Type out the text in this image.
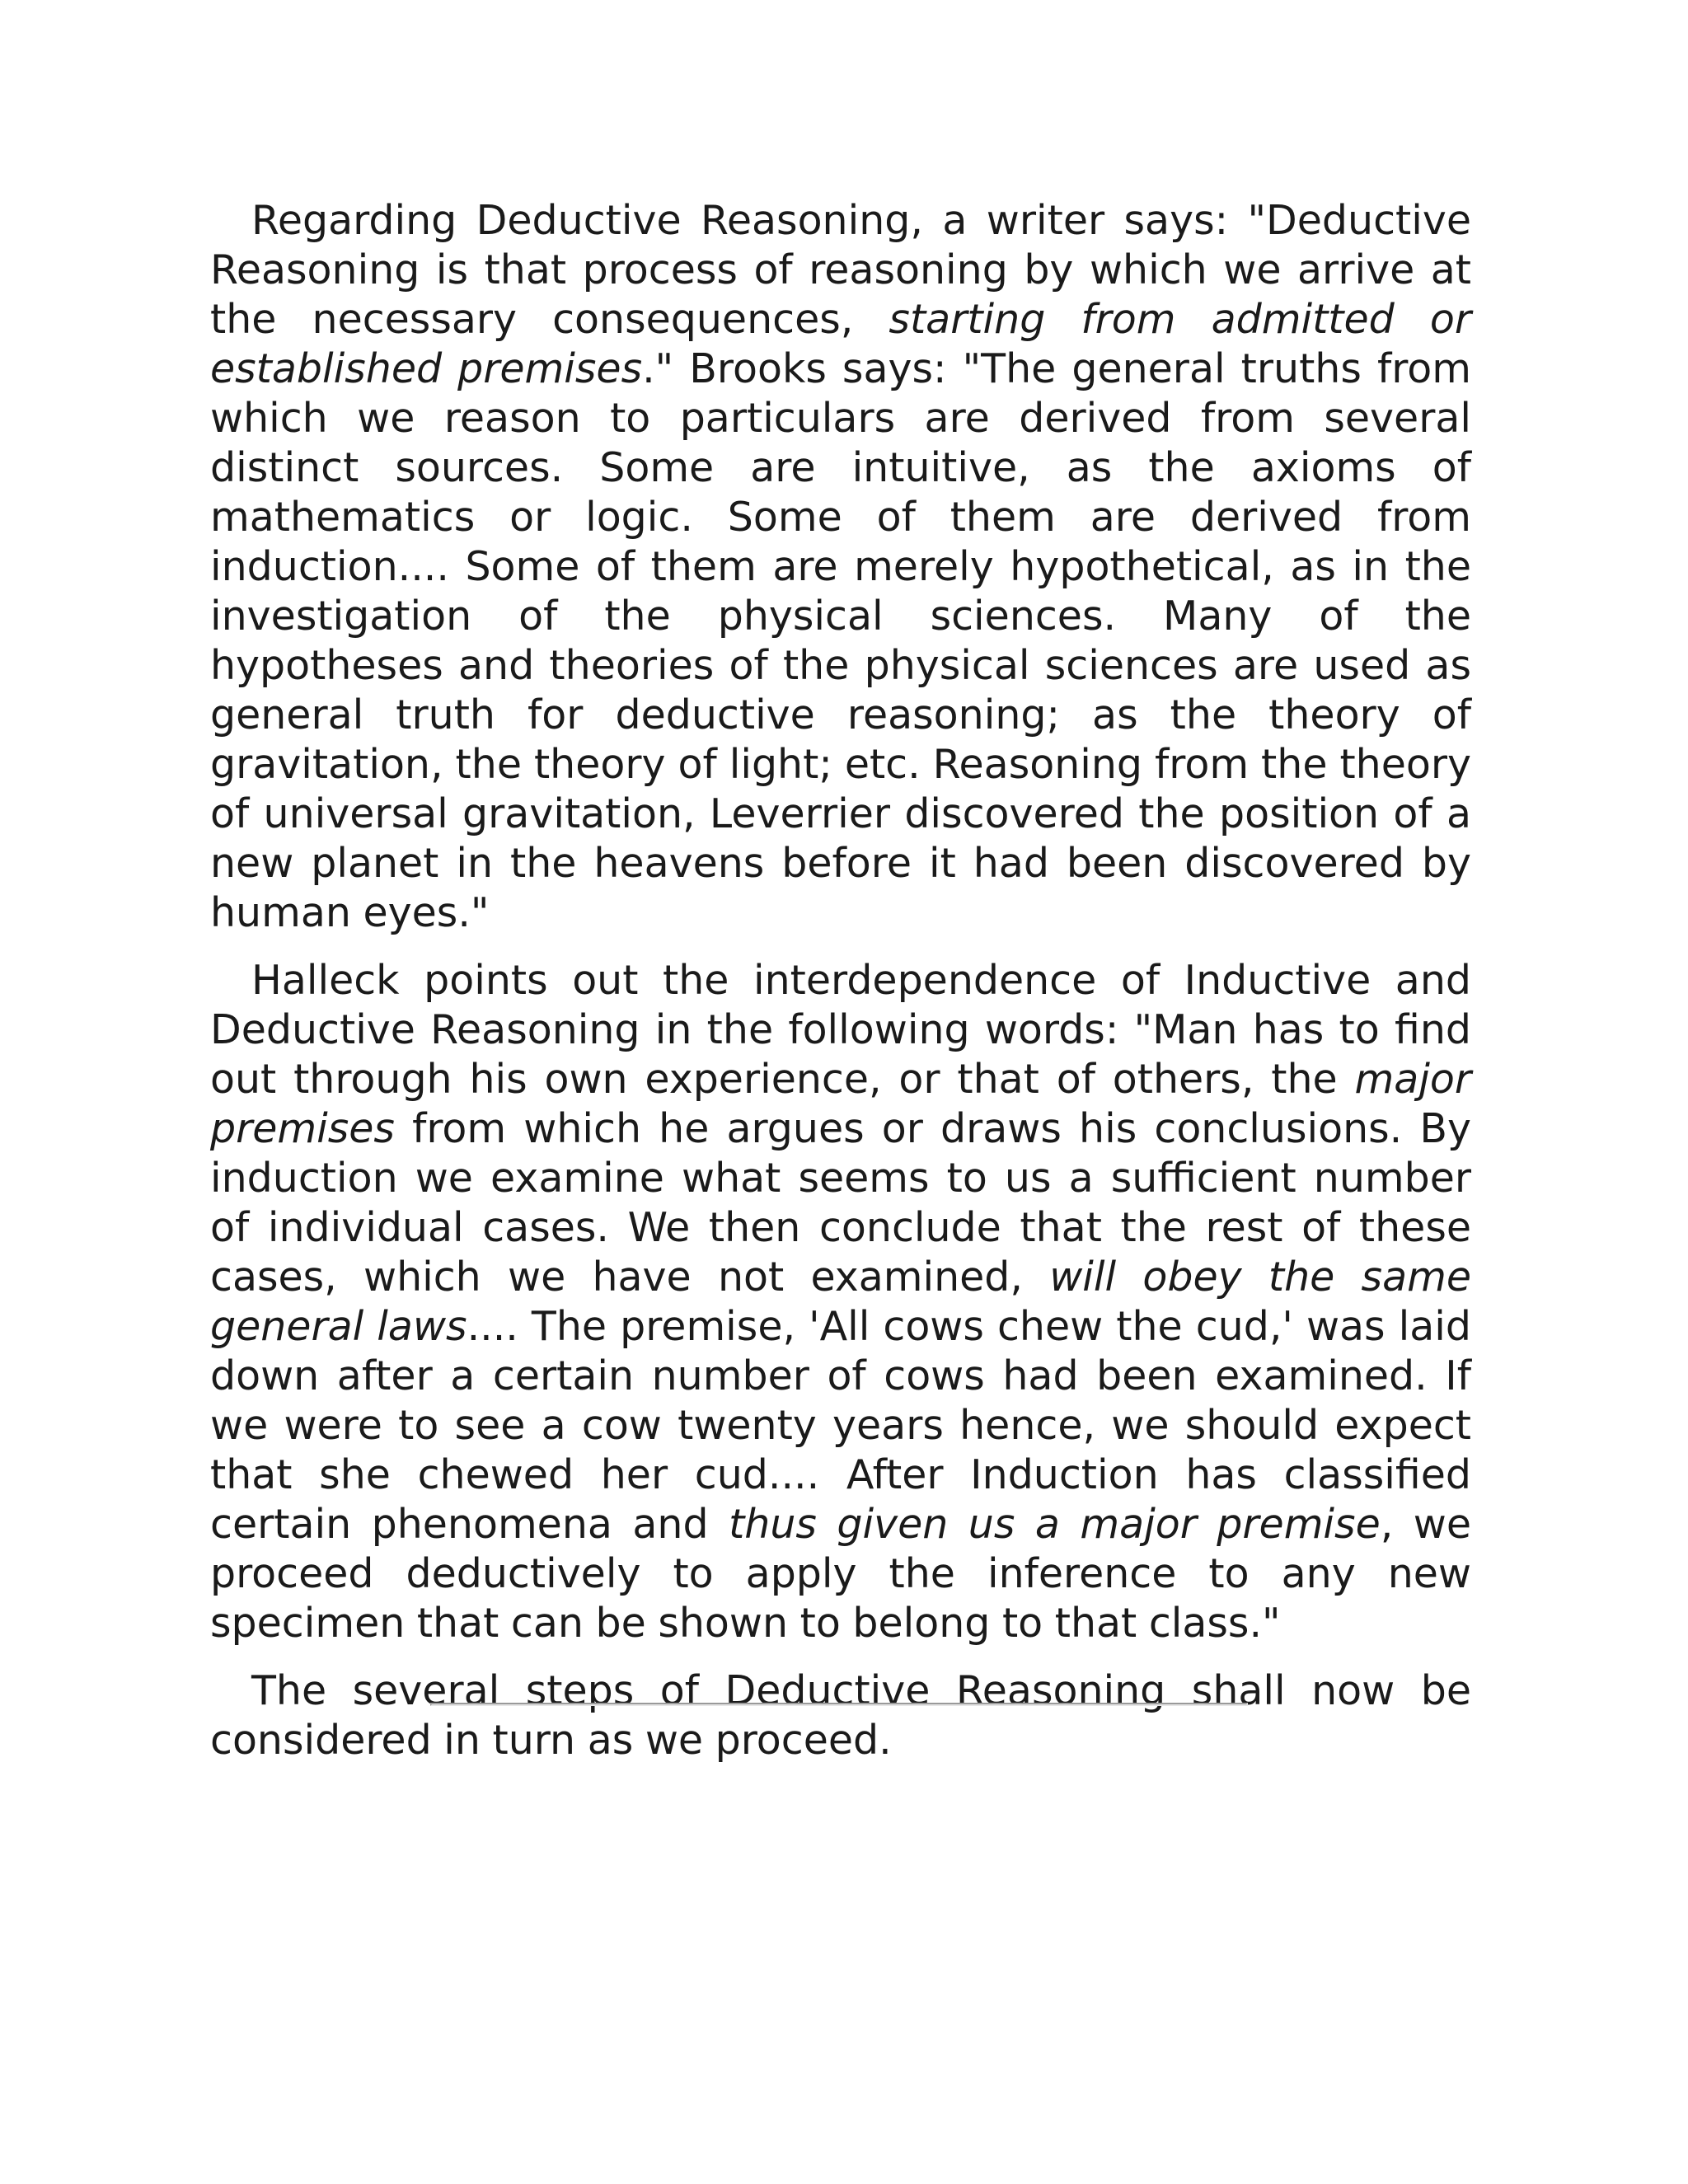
Regarding Deductive Reasoning, a writer says: "Deductive Reasoning is that process of reasoning by which we arrive at the necessary consequences, starting from admitted or established premises." Brooks says: "The general truths from which we reason to particulars are derived from several distinct sources. Some are intuitive, as the axioms of mathematics or logic. Some of them are derived from induction.... Some of them are merely hypothetical, as in the investigation of the physical sciences. Many of the hypotheses and theories of the physical sciences are used as general truth for deductive reasoning; as the theory of gravitation, the theory of light; etc. Reasoning from the theory of universal gravitation, Leverrier discovered the position of a new planet in the heavens before it had been discovered by human eyes."

Halleck points out the interdependence of Inductive and Deductive Reasoning in the following words: "Man has to find out through his own experience, or that of others, the major premises from which he argues or draws his conclusions. By induction we examine what seems to us a sufficient number of individual cases. We then conclude that the rest of these cases, which we have not examined, will obey the same general laws.... The premise, 'All cows chew the cud,' was laid down after a certain number of cows had been examined. If we were to see a cow twenty years hence, we should expect that she chewed her cud.... After Induction has classified certain phenomena and thus given us a major premise, we proceed deductively to apply the inference to any new specimen that can be shown to belong to that class."

The several steps of Deductive Reasoning shall now be considered in turn as we proceed.
